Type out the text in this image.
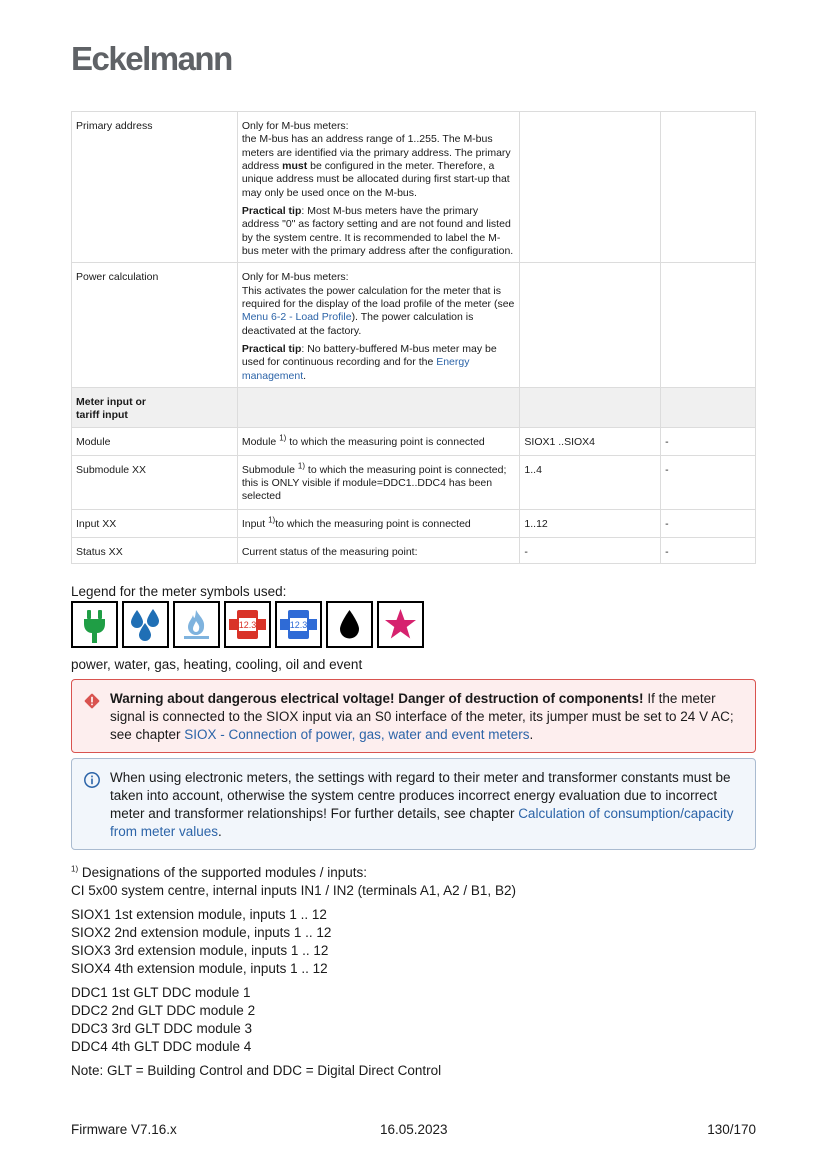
Eckelmann
Primary address	Only for M-bus meters:
the M-bus has an address range of 1..255. The M-bus meters are identified via the primary address. The primary address must be configured in the meter. Therefore, a unique address must be allocated during first start-up that may only be used once on the M-bus.

Practical tip: Most M-bus meters have the primary address "0" as factory setting and are not found and listed by the system centre. It is recommended to label the M-bus meter with the primary address after the configuration.		

Power calculation	Only for M-bus meters:
This activates the power calculation for the meter that is required for the display of the load profile of the meter (see Menu 6-2 - Load Profile). The power calculation is deactivated at the factory.

Practical tip: No battery-buffered M-bus meter may be used for continuous recording and for the Energy management.		

Meter input or tariff input			
Module	Module $^{1)}$ to which the measuring point is connected	SIOX1 ..SIOX4	-
Submodule XX	Submodule $^{1)}$ to which the measuring point is connected; this is ONLY visible if module=DDC1..DDC4 has been selected	1..4	-
Input XX	Input $^{1)}$to which the measuring point is connected	1..12	-
Status XX	Current status of the measuring point:	-	-
Legend for the meter symbols used:
12.3	12.3
power, water, gas, heating, cooling, oil and event
Warning about dangerous electrical voltage! Danger of destruction of components! If the meter signal is connected to the SIOX input via an S0 interface of the meter, its jumper must be set to 24 V AC; see chapter SIOX - Connection of power, gas, water and event meters.
When using electronic meters, the settings with regard to their meter and transformer constants must be taken into account, otherwise the system centre produces incorrect energy evaluation due to incorrect meter and transformer relationships! For further details, see chapter Calculation of consumption/capacity from meter values.

$^{1)}$ Designations of the supported modules / inputs:
CI 5x00 system centre, internal inputs IN1 / IN2 (terminals A1, A2 / B1, B2)

SIOX1 1st extension module, inputs 1 .. 12
SIOX2 2nd extension module, inputs 1 .. 12
SIOX3 3rd extension module, inputs 1 .. 12
SIOX4 4th extension module, inputs 1 .. 12

DDC1 1st GLT DDC module 1
DDC2 2nd GLT DDC module 2
DDC3 3rd GLT DDC module 3
DDC4 4th GLT DDC module 4

Note: GLT = Building Control and DDC = Digital Direct Control

Firmware V7.16.x	16.05.2023	130/170
